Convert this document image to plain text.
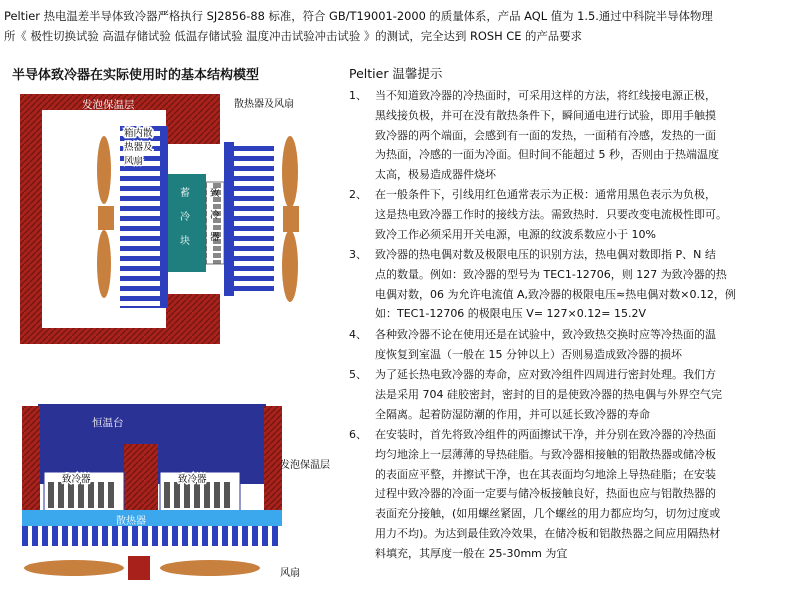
Peltier 热电温差半导体致冷器严格执行 SJ2856-88 标准，符合 GB/T19001-2000 的质量体系，产品 AQL 值为 1.5.通过中科院半导体物理
所《 极性切换试验 高温存储试验 低温存储试验 温度冲击试验冲击试验 》的测试，完全达到 ROSH CE 的产品要求
半导体致冷器在实际使用时的基本结构模型
发泡保温层	散热器及风扇
箱内散
热器及
风扇
蓄
冷
块
致
冷
器
恒温台
发泡保温层
致冷器	致冷器
散热器
风扇
Peltier 温馨提示
1、 当不知道致冷器的冷热面时，可采用这样的方法，将红线接电源正极，
黑线接负极，并可在没有散热条件下，瞬间通电进行试验，即用手触摸
致冷器的两个端面，会感到有一面的发热，一面稍有冷感，发热的一面
为热面，冷感的一面为冷面。但时间不能超过 5 秒，否则由于热端温度
太高，极易造成器件烧坏
2、 在一般条件下，引线用红色通常表示为正极：通常用黑色表示为负极，
这是热电致冷器工作时的接线方法。需致热时．只要改变电流极性即可。
致冷工作必须采用开关电源，电源的纹波系数应小于 10%
3、 致冷器的热电偶对数及极限电压的识别方法，热电偶对数即指 P、N 结
点的数量。例如：致冷器的型号为 TEC1-12706，则 127 为致冷器的热
电偶对数，06 为允许电流值 A,致冷器的极限电压≈热电偶对数×0.12，例
如：TEC1-12706 的极限电压 V= 127×0.12= 15.2V
4、 各种致冷器不论在使用还是在试验中，致冷致热交换时应等冷热面的温
度恢复到室温（一般在 15 分钟以上）否则易造成致冷器的损坏
5、 为了延长热电致冷器的寿命，应对致冷组件四周进行密封处理。我们方
法是采用 704 硅胶密封，密封的目的是使致冷器的热电偶与外界空气完
全隔离。起着防湿防潮的作用，并可以延长致冷器的寿命
6、 在安装时，首先将致冷组件的两面擦试干净，并分别在致冷器的冷热面
均匀地涂上一层薄薄的导热硅脂。与致冷器相接触的铝散热器或储冷板
的表面应平整，并擦试干净，也在其表面均匀地涂上导热硅脂；在安装
过程中致冷器的冷面一定要与储冷板接触良好，热面也应与铝散热器的
表面充分接触，(如用螺丝紧固，几个螺丝的用力都应均匀，切勿过度或
用力不均)。为达到最佳致冷效果，在储冷板和铝散热器之间应用隔热材
料填充，其厚度一般在 25-30mm 为宜
